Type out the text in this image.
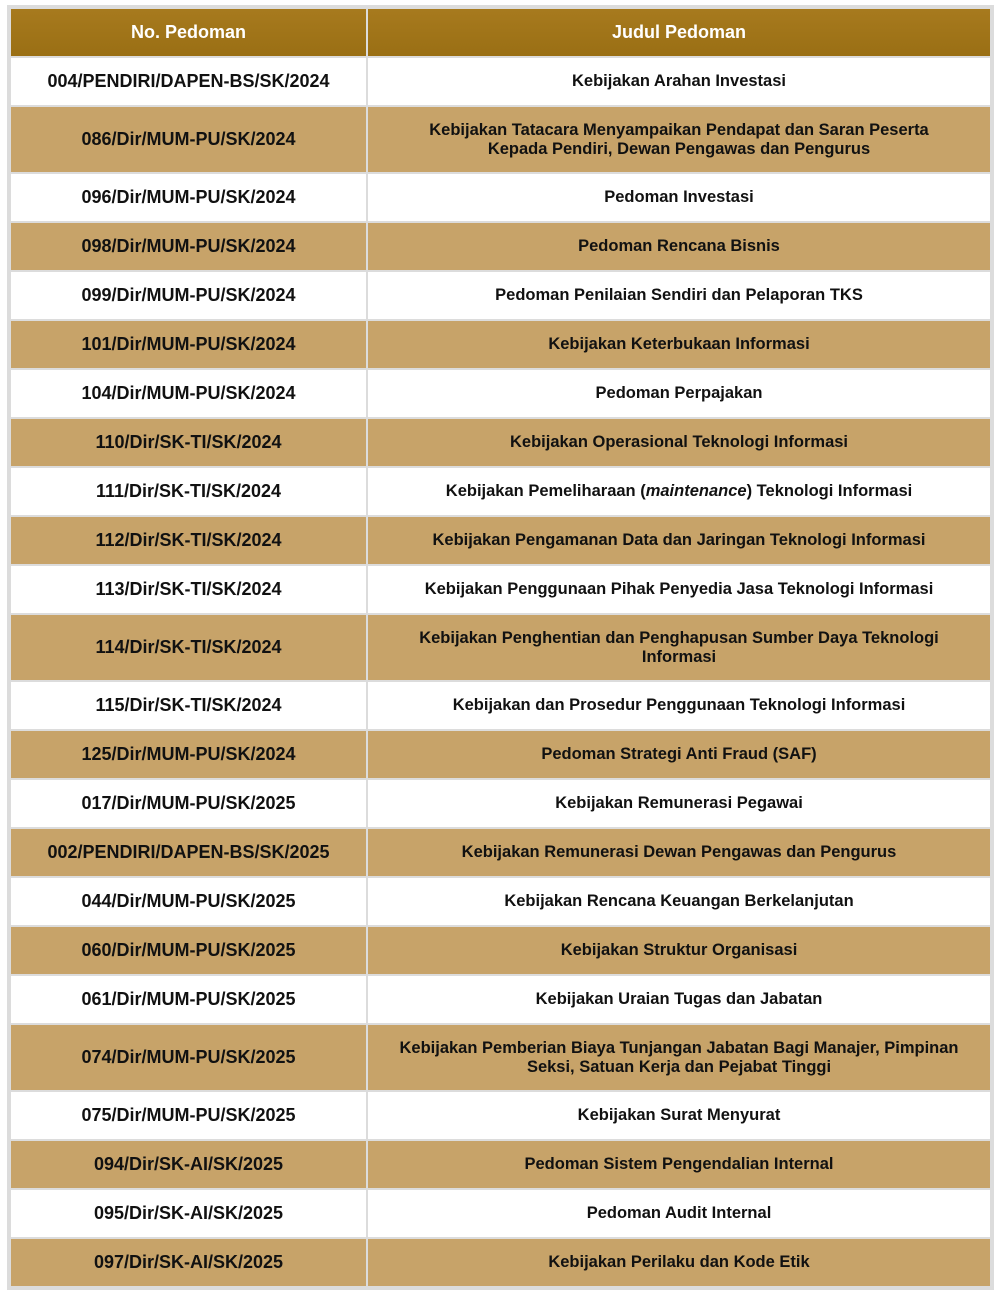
No. Pedoman	Judul Pedoman
004/PENDIRI/DAPEN-BS/SK/2024	Kebijakan Arahan Investasi
086/Dir/MUM-PU/SK/2024	Kebijakan Tatacara Menyampaikan Pendapat dan Saran Peserta Kepada Pendiri, Dewan Pengawas dan Pengurus
096/Dir/MUM-PU/SK/2024	Pedoman Investasi
098/Dir/MUM-PU/SK/2024	Pedoman Rencana Bisnis
099/Dir/MUM-PU/SK/2024	Pedoman Penilaian Sendiri dan Pelaporan TKS
101/Dir/MUM-PU/SK/2024	Kebijakan Keterbukaan Informasi
104/Dir/MUM-PU/SK/2024	Pedoman Perpajakan
110/Dir/SK-TI/SK/2024	Kebijakan Operasional Teknologi Informasi
111/Dir/SK-TI/SK/2024	Kebijakan Pemeliharaan (maintenance) Teknologi Informasi
112/Dir/SK-TI/SK/2024	Kebijakan Pengamanan Data dan Jaringan Teknologi Informasi
113/Dir/SK-TI/SK/2024	Kebijakan Penggunaan Pihak Penyedia Jasa Teknologi Informasi
114/Dir/SK-TI/SK/2024	Kebijakan Penghentian dan Penghapusan Sumber Daya Teknologi Informasi
115/Dir/SK-TI/SK/2024	Kebijakan dan Prosedur Penggunaan Teknologi Informasi
125/Dir/MUM-PU/SK/2024	Pedoman Strategi Anti Fraud (SAF)
017/Dir/MUM-PU/SK/2025	Kebijakan Remunerasi Pegawai
002/PENDIRI/DAPEN-BS/SK/2025	Kebijakan Remunerasi Dewan Pengawas dan Pengurus
044/Dir/MUM-PU/SK/2025	Kebijakan Rencana Keuangan Berkelanjutan
060/Dir/MUM-PU/SK/2025	Kebijakan Struktur Organisasi
061/Dir/MUM-PU/SK/2025	Kebijakan Uraian Tugas dan Jabatan
074/Dir/MUM-PU/SK/2025	Kebijakan Pemberian Biaya Tunjangan Jabatan Bagi Manajer, Pimpinan Seksi, Satuan Kerja dan Pejabat Tinggi
075/Dir/MUM-PU/SK/2025	Kebijakan Surat Menyurat
094/Dir/SK-AI/SK/2025	Pedoman Sistem Pengendalian Internal
095/Dir/SK-AI/SK/2025	Pedoman Audit Internal
097/Dir/SK-AI/SK/2025	Kebijakan Perilaku dan Kode Etik
